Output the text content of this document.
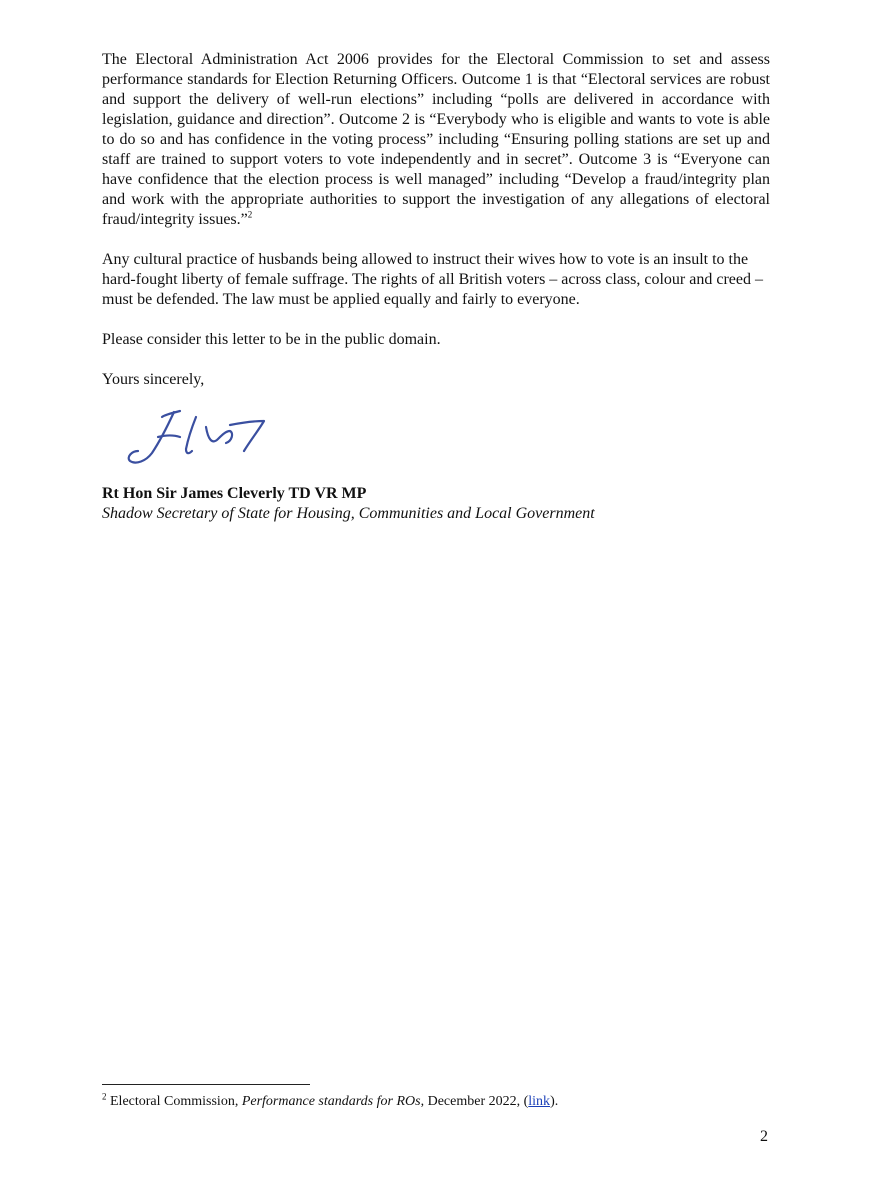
The Electoral Administration Act 2006 provides for the Electoral Commission to set and assess performance standards for Election Returning Officers. Outcome 1 is that “Electoral services are robust and support the delivery of well-run elections” including “polls are delivered in accordance with legislation, guidance and direction”. Outcome 2 is “Everybody who is eligible and wants to vote is able to do so and has confidence in the voting process” including “Ensuring polling stations are set up and staff are trained to support voters to vote independently and in secret”. Outcome 3 is “Everyone can have confidence that the election process is well managed” including “Develop a fraud/integrity plan and work with the appropriate authorities to support the investigation of any allegations of electoral fraud/integrity issues.”$^2$

Any cultural practice of husbands being allowed to instruct their wives how to vote is an insult to the hard-fought liberty of female suffrage. The rights of all British voters – across class, colour and creed – must be defended. The law must be applied equally and fairly to everyone.

Please consider this letter to be in the public domain.

Yours sincerely,

Rt Hon Sir James Cleverly TD VR MP
Shadow Secretary of State for Housing, Communities and Local Government
$^2$ Electoral Commission, Performance standards for ROs, December 2022, (link).
2
